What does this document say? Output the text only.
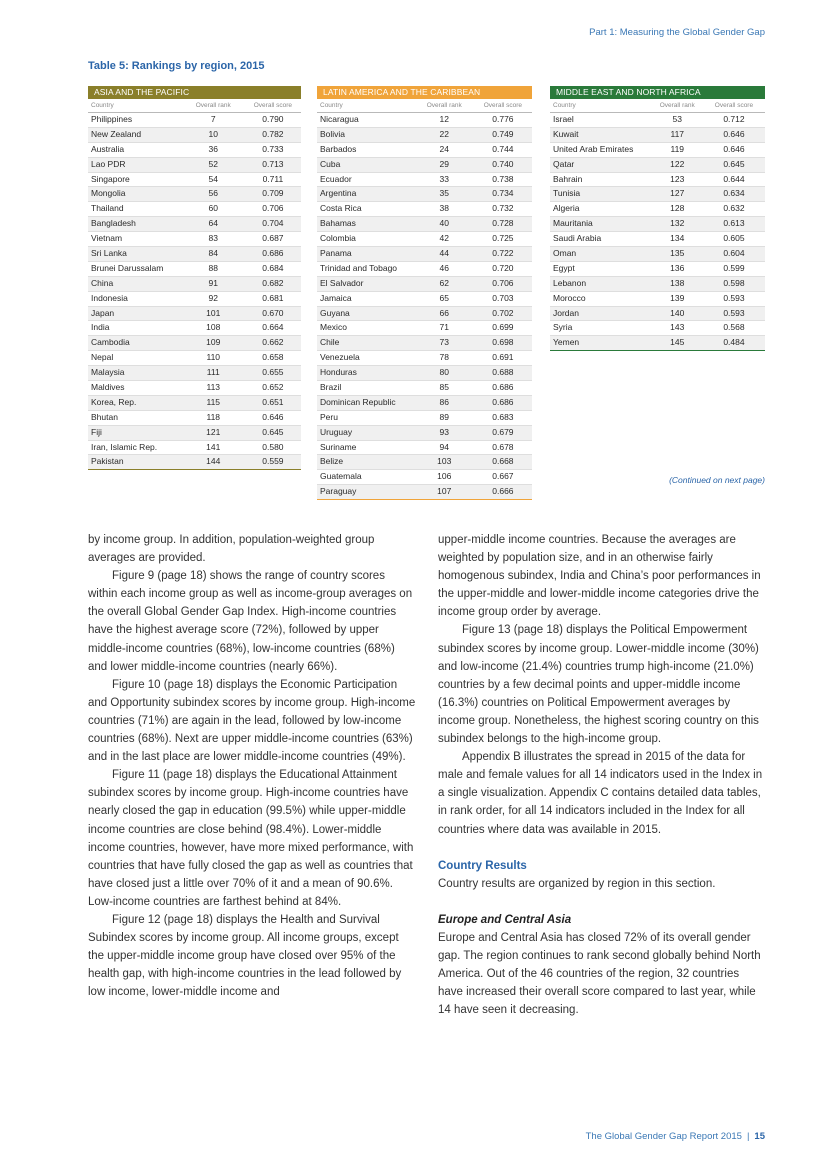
Part 1: Measuring the Global Gender Gap
Table 5: Rankings by region, 2015
ASIA AND THE PACIFIC
Country	Overall rank	Overall score
Philippines	7	0.790
New Zealand	10	0.782
Australia	36	0.733
Lao PDR	52	0.713
Singapore	54	0.711
Mongolia	56	0.709
Thailand	60	0.706
Bangladesh	64	0.704
Vietnam	83	0.687
Sri Lanka	84	0.686
Brunei Darussalam	88	0.684
China	91	0.682
Indonesia	92	0.681
Japan	101	0.670
India	108	0.664
Cambodia	109	0.662
Nepal	110	0.658
Malaysia	111	0.655
Maldives	113	0.652
Korea, Rep.	115	0.651
Bhutan	118	0.646
Fiji	121	0.645
Iran, Islamic Rep.	141	0.580
Pakistan	144	0.559
LATIN AMERICA AND THE CARIBBEAN
Country	Overall rank	Overall score
Nicaragua	12	0.776
Bolivia	22	0.749
Barbados	24	0.744
Cuba	29	0.740
Ecuador	33	0.738
Argentina	35	0.734
Costa Rica	38	0.732
Bahamas	40	0.728
Colombia	42	0.725
Panama	44	0.722
Trinidad and Tobago	46	0.720
El Salvador	62	0.706
Jamaica	65	0.703
Guyana	66	0.702
Mexico	71	0.699
Chile	73	0.698
Venezuela	78	0.691
Honduras	80	0.688
Brazil	85	0.686
Dominican Republic	86	0.686
Peru	89	0.683
Uruguay	93	0.679
Suriname	94	0.678
Belize	103	0.668
Guatemala	106	0.667
Paraguay	107	0.666
MIDDLE EAST AND NORTH AFRICA
Country	Overall rank	Overall score
Israel	53	0.712
Kuwait	117	0.646
United Arab Emirates	119	0.646
Qatar	122	0.645
Bahrain	123	0.644
Tunisia	127	0.634
Algeria	128	0.632
Mauritania	132	0.613
Saudi Arabia	134	0.605
Oman	135	0.604
Egypt	136	0.599
Lebanon	138	0.598
Morocco	139	0.593
Jordan	140	0.593
Syria	143	0.568
Yemen	145	0.484
(Continued on next page)

by income group. In addition, population-weighted group averages are provided.

Figure 9 (page 18) shows the range of country scores within each income group as well as income-group averages on the overall Global Gender Gap Index. High-income countries have the highest average score (72%), followed by upper middle-income countries (68%), low-income countries (68%) and lower middle-income countries (nearly 66%).

Figure 10 (page 18) displays the Economic Participation and Opportunity subindex scores by income group. High-income countries (71%) are again in the lead, followed by low-income countries (68%). Next are upper middle-income countries (63%) and in the last place are lower middle-income countries (49%).

Figure 11 (page 18) displays the Educational Attainment subindex scores by income group. High-income countries have nearly closed the gap in education (99.5%) while upper-middle income countries are close behind (98.4%). Lower-middle income countries, however, have more mixed performance, with countries that have fully closed the gap as well as countries that have closed just a little over 70% of it and a mean of 90.6%. Low-income countries are farthest behind at 84%.

Figure 12 (page 18) displays the Health and Survival Subindex scores by income group. All income groups, except the upper-middle income group have closed over 95% of the health gap, with high-income countries in the lead followed by low income, lower-middle income and

upper-middle income countries. Because the averages are weighted by population size, and in an otherwise fairly homogenous subindex, India and China’s poor performances in the upper-middle and lower-middle income categories drive the income group order by average.

Figure 13 (page 18) displays the Political Empowerment subindex scores by income group. Lower-middle income (30%) and low-income (21.4%) countries trump high-income (21.0%) countries by a few decimal points and upper-middle income (16.3%) countries on Political Empowerment averages by income group. Nonetheless, the highest scoring country on this subindex belongs to the high-income group.

Appendix B illustrates the spread in 2015 of the data for male and female values for all 14 indicators used in the Index in a single visualization. Appendix C contains detailed data tables, in rank order, for all 14 indicators included in the Index for all countries where data was available in 2015.

Country Results

Country results are organized by region in this section.

Europe and Central Asia

Europe and Central Asia has closed 72% of its overall gender gap. The region continues to rank second globally behind North America. Out of the 46 countries of the region, 32 countries have increased their overall score compared to last year, while 14 have seen it decreasing.

The Global Gender Gap Report 2015 | 15
